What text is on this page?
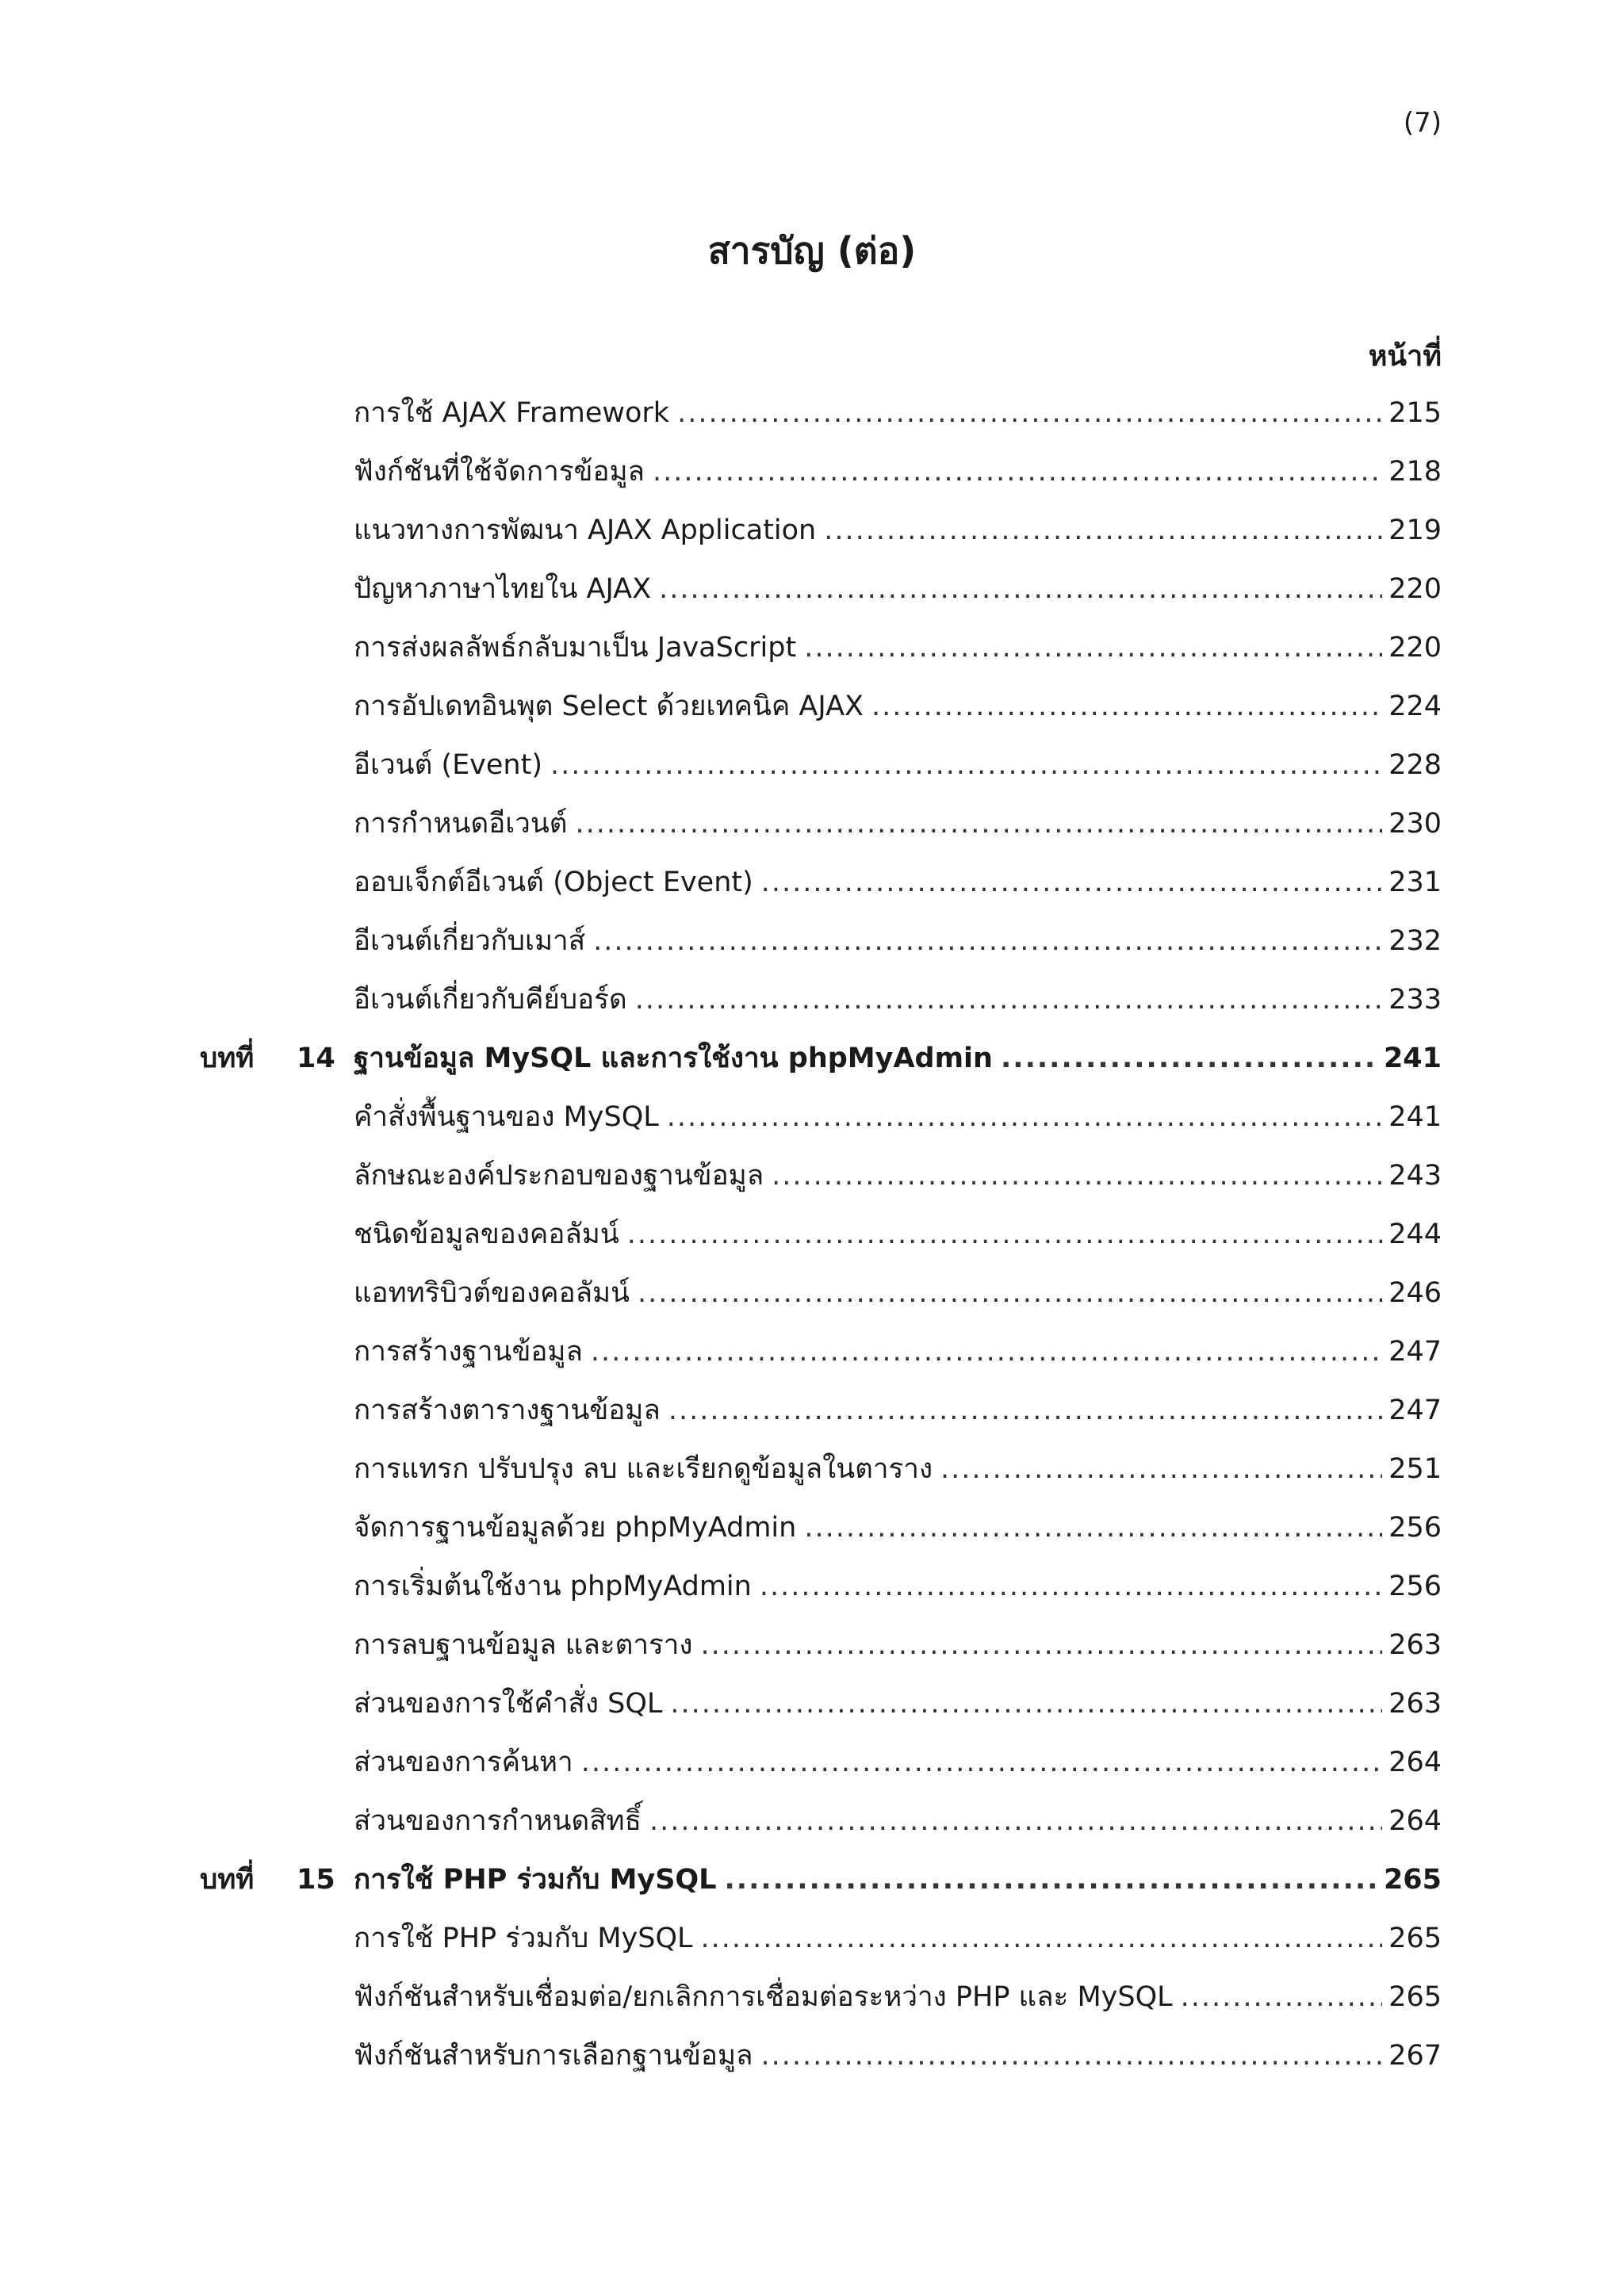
(7)
สารบัญ (ต่อ)
หน้าที่
การใช้ AJAX Framework .....	215
ฟังก์ชันที่ใช้จัดการข้อมูล .....	218
แนวทางการพัฒนา AJAX Application .....	219
ปัญหาภาษาไทยใน AJAX .....	220
การส่งผลลัพธ์กลับมาเป็น JavaScript .....	220
การอัปเดทอินพุต Select ด้วยเทคนิค AJAX .....	224
อีเวนต์ (Event) .....	228
การกำหนดอีเวนต์ .....	230
ออบเจ็กต์อีเวนต์ (Object Event) .....	231
อีเวนต์เกี่ยวกับเมาส์ .....	232
อีเวนต์เกี่ยวกับคีย์บอร์ด .....	233
บทที่ 14 ฐานข้อมูล MySQL และการใช้งาน phpMyAdmin .....	241
คำสั่งพื้นฐานของ MySQL .....	241
ลักษณะองค์ประกอบของฐานข้อมูล .....	243
ชนิดข้อมูลของคอลัมน์ .....	244
แอททริบิวต์ของคอลัมน์ .....	246
การสร้างฐานข้อมูล .....	247
การสร้างตารางฐานข้อมูล .....	247
การแทรก ปรับปรุง ลบ และเรียกดูข้อมูลในตาราง .....	251
จัดการฐานข้อมูลด้วย phpMyAdmin .....	256
การเริ่มต้นใช้งาน phpMyAdmin .....	256
การลบฐานข้อมูล และตาราง .....	263
ส่วนของการใช้คำสั่ง SQL .....	263
ส่วนของการค้นหา .....	264
ส่วนของการกำหนดสิทธิ์ .....	264
บทที่ 15 การใช้ PHP ร่วมกับ MySQL .....	265
การใช้ PHP ร่วมกับ MySQL .....	265
ฟังก์ชันสำหรับเชื่อมต่อ/ยกเลิกการเชื่อมต่อระหว่าง PHP และ MySQL .....	265
ฟังก์ชันสำหรับการเลือกฐานข้อมูล .....	267
